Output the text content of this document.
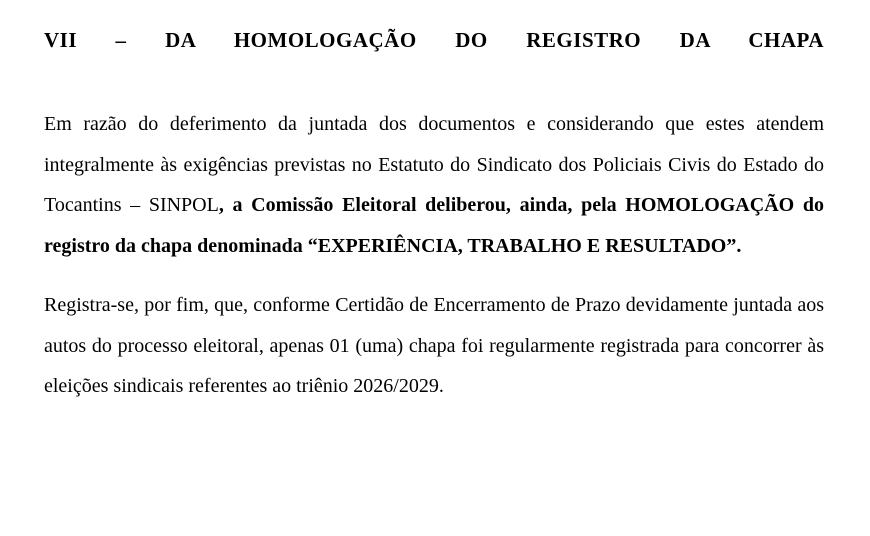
VII – DA HOMOLOGAÇÃO DO REGISTRO DA CHAPA

Em razão do deferimento da juntada dos documentos e considerando que estes atendem integralmente às exigências previstas no Estatuto do Sindicato dos Policiais Civis do Estado do Tocantins – SINPOL, a Comissão Eleitoral deliberou, ainda, pela HOMOLOGAÇÃO do registro da chapa denominada “EXPERIÊNCIA, TRABALHO E RESULTADO”.

Registra-se, por fim, que, conforme Certidão de Encerramento de Prazo devidamente juntada aos autos do processo eleitoral, apenas 01 (uma) chapa foi regularmente registrada para concorrer às eleições sindicais referentes ao triênio 2026/2029.
